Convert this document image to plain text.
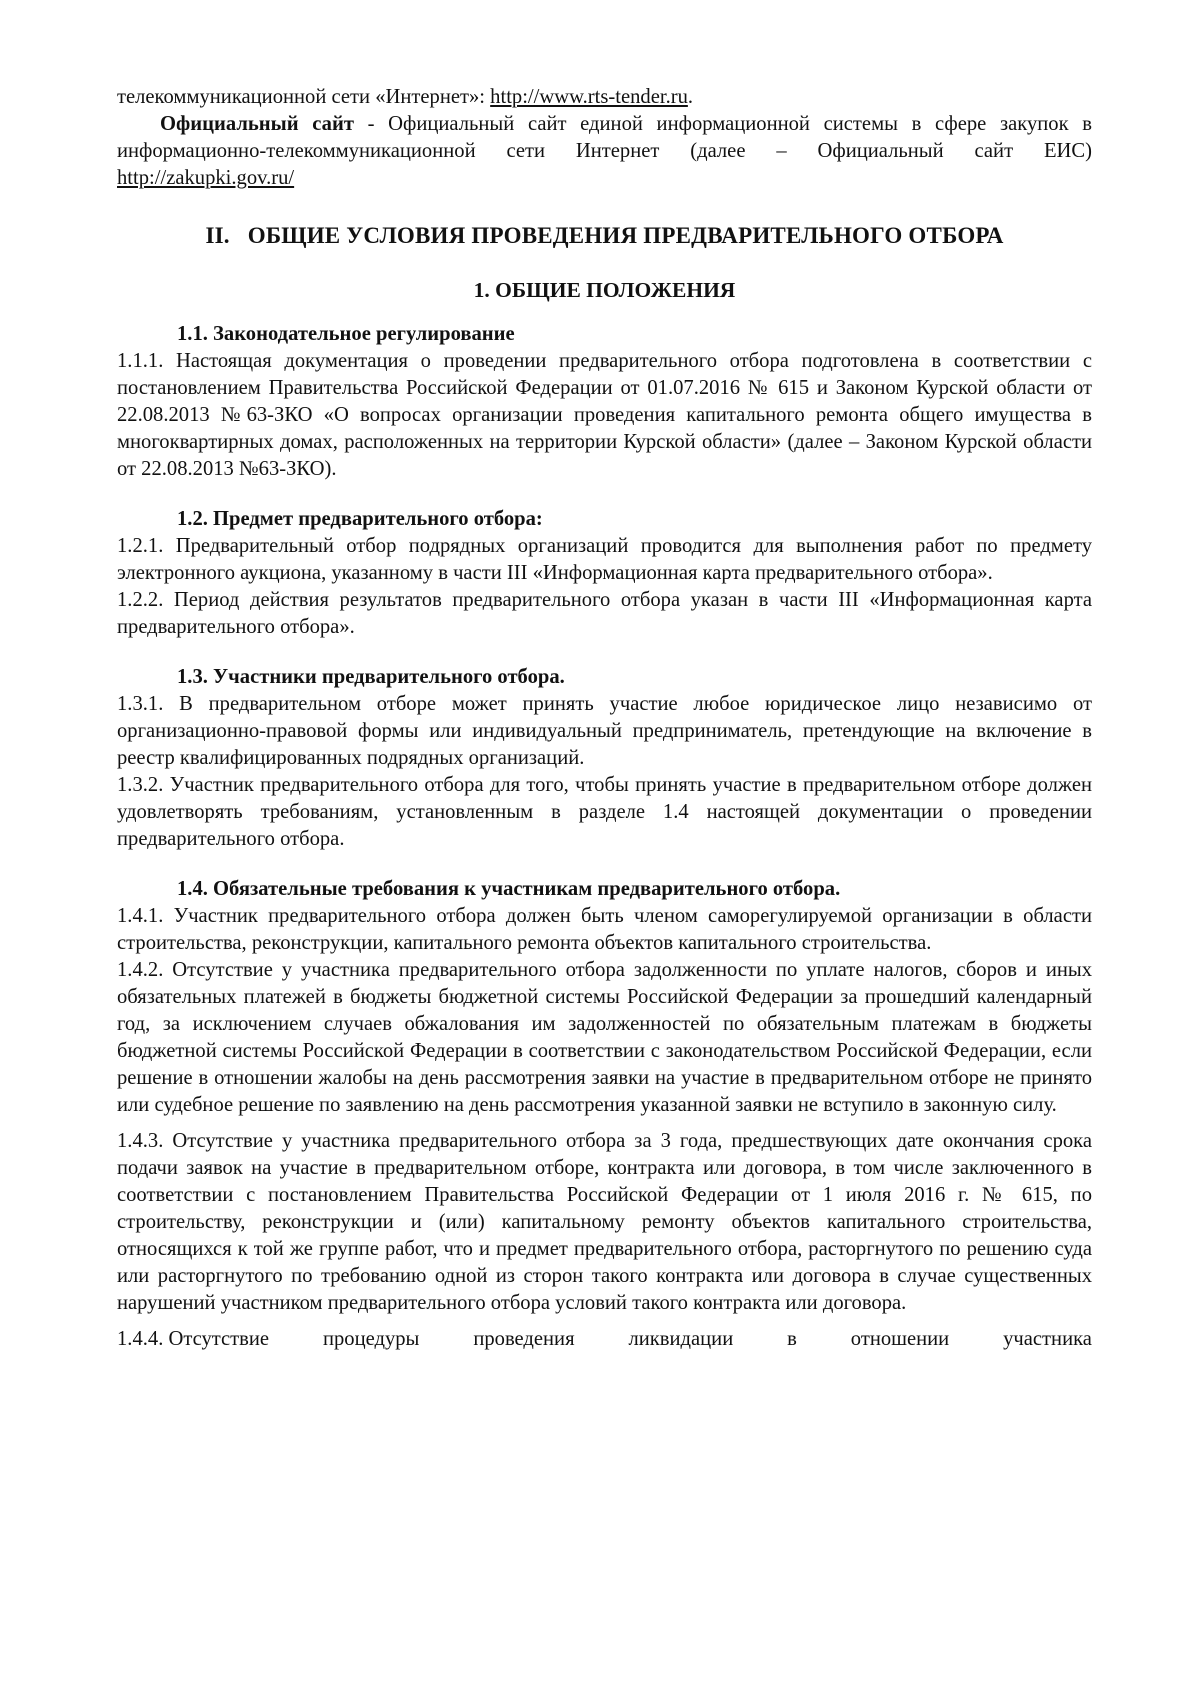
телекоммуникационной сети «Интернет»: http://www.rts-tender.ru.

Официальный сайт - Официальный сайт единой информационной системы в сфере закупок в информационно-телекоммуникационной сети Интернет (далее – Официальный сайт ЕИС) http://zakupki.gov.ru/

II. ОБЩИЕ УСЛОВИЯ ПРОВЕДЕНИЯ ПРЕДВАРИТЕЛЬНОГО ОТБОРА
1. ОБЩИЕ ПОЛОЖЕНИЯ
1.1. Законодательное регулирование

1.1.1. Настоящая документация о проведении предварительного отбора подготовлена в соответствии с постановлением Правительства Российской Федерации от 01.07.2016 № 615 и Законом Курской области от 22.08.2013 №63-ЗКО «О вопросах организации проведения капитального ремонта общего имущества в многоквартирных домах, расположенных на территории Курской области» (далее – Законом Курской области от 22.08.2013 №63-ЗКО).

1.2. Предмет предварительного отбора:

1.2.1. Предварительный отбор подрядных организаций проводится для выполнения работ по предмету электронного аукциона, указанному в части III «Информационная карта предварительного отбора».

1.2.2. Период действия результатов предварительного отбора указан в части III «Информационная карта предварительного отбора».

1.3. Участники предварительного отбора.

1.3.1. В предварительном отборе может принять участие любое юридическое лицо независимо от организационно-правовой формы или индивидуальный предприниматель, претендующие на включение в реестр квалифицированных подрядных организаций.

1.3.2. Участник предварительного отбора для того, чтобы принять участие в предварительном отборе должен удовлетворять требованиям, установленным в разделе 1.4 настоящей документации о проведении предварительного отбора.

1.4. Обязательные требования к участникам предварительного отбора.

1.4.1. Участник предварительного отбора должен быть членом саморегулируемой организации в области строительства, реконструкции, капитального ремонта объектов капитального строительства.

1.4.2. Отсутствие у участника предварительного отбора задолженности по уплате налогов, сборов и иных обязательных платежей в бюджеты бюджетной системы Российской Федерации за прошедший календарный год, за исключением случаев обжалования им задолженностей по обязательным платежам в бюджеты бюджетной системы Российской Федерации в соответствии с законодательством Российской Федерации, если решение в отношении жалобы на день рассмотрения заявки на участие в предварительном отборе не принято или судебное решение по заявлению на день рассмотрения указанной заявки не вступило в законную силу.

1.4.3. Отсутствие у участника предварительного отбора за 3 года, предшествующих дате окончания срока подачи заявок на участие в предварительном отборе, контракта или договора, в том числе заключенного в соответствии с постановлением Правительства Российской Федерации от 1 июля 2016 г. № 615, по строительству, реконструкции и (или) капитальному ремонту объектов капитального строительства, относящихся к той же группе работ, что и предмет предварительного отбора, расторгнутого по решению суда или расторгнутого по требованию одной из сторон такого контракта или договора в случае существенных нарушений участником предварительного отбора условий такого контракта или договора.

1.4.4. Отсутствие	процедуры	проведения	ликвидации	в	отношении	участника
